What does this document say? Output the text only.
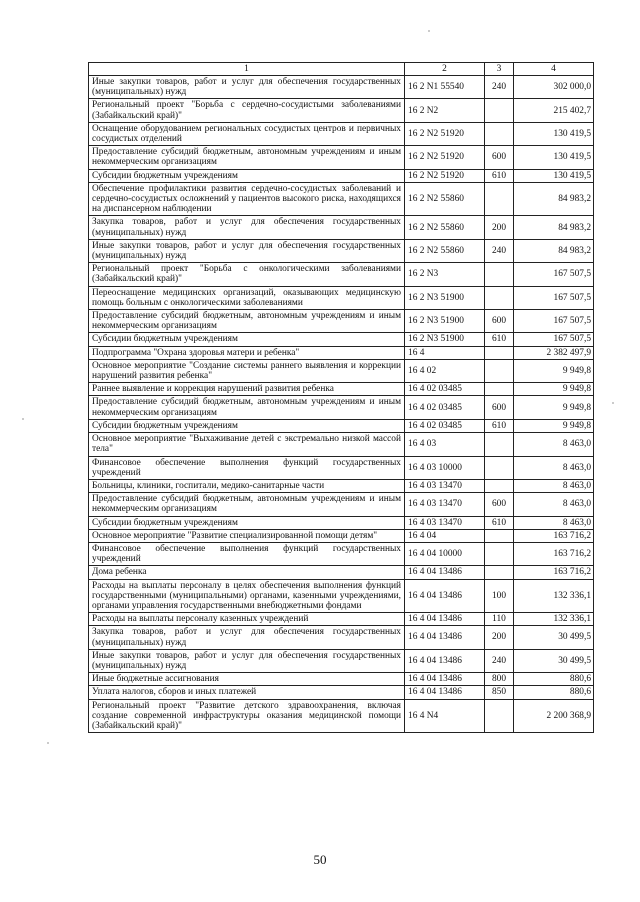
1	2	3	4
Иные закупки товаров, работ и услуг для обеспечения государственных (муниципальных) нужд	16 2 N1 55540	240	302 000,0
Региональный проект "Борьба с сердечно-сосудистыми заболеваниями (Забайкальский край)"	16 2 N2		215 402,7
Оснащение оборудованием региональных сосудистых центров и первичных сосудистых отделений	16 2 N2 51920		130 419,5
Предоставление субсидий бюджетным, автономным учреждениям и иным некоммерческим организациям	16 2 N2 51920	600	130 419,5
Субсидии бюджетным учреждениям	16 2 N2 51920	610	130 419,5
Обеспечение профилактики развития сердечно-сосудистых заболеваний и сердечно-сосудистых осложнений у пациентов высокого риска, находящихся на диспансерном наблюдении	16 2 N2 55860		84 983,2
Закупка товаров, работ и услуг для обеспечения государственных (муниципальных) нужд	16 2 N2 55860	200	84 983,2
Иные закупки товаров, работ и услуг для обеспечения государственных (муниципальных) нужд	16 2 N2 55860	240	84 983,2
Региональный проект "Борьба с онкологическими заболеваниями (Забайкальский край)"	16 2 N3		167 507,5
Переоснащение медицинских организаций, оказывающих медицинскую помощь больным с онкологическими заболеваниями	16 2 N3 51900		167 507,5
Предоставление субсидий бюджетным, автономным учреждениям и иным некоммерческим организациям	16 2 N3 51900	600	167 507,5
Субсидии бюджетным учреждениям	16 2 N3 51900	610	167 507,5
Подпрограмма "Охрана здоровья матери и ребенка"	16 4		2 382 497,9
Основное мероприятие "Создание системы раннего выявления и коррекции нарушений развития ребенка"	16 4 02		9 949,8
Раннее выявление и коррекция нарушений развития ребенка	16 4 02 03485		9 949,8
Предоставление субсидий бюджетным, автономным учреждениям и иным некоммерческим организациям	16 4 02 03485	600	9 949,8
Субсидии бюджетным учреждениям	16 4 02 03485	610	9 949,8
Основное мероприятие "Выхаживание детей с экстремально низкой массой тела"	16 4 03		8 463,0
Финансовое обеспечение выполнения функций государственных учреждений	16 4 03 10000		8 463,0
Больницы, клиники, госпитали, медико-санитарные части	16 4 03 13470		8 463,0
Предоставление субсидий бюджетным, автономным учреждениям и иным некоммерческим организациям	16 4 03 13470	600	8 463,0
Субсидии бюджетным учреждениям	16 4 03 13470	610	8 463,0
Основное мероприятие "Развитие специализированной помощи детям"	16 4 04		163 716,2
Финансовое обеспечение выполнения функций государственных учреждений	16 4 04 10000		163 716,2
Дома ребенка	16 4 04 13486		163 716,2
Расходы на выплаты персоналу в целях обеспечения выполнения функций государственными (муниципальными) органами, казенными учреждениями, органами управления государственными внебюджетными фондами	16 4 04 13486	100	132 336,1
Расходы на выплаты персоналу казенных учреждений	16 4 04 13486	110	132 336,1
Закупка товаров, работ и услуг для обеспечения государственных (муниципальных) нужд	16 4 04 13486	200	30 499,5
Иные закупки товаров, работ и услуг для обеспечения государственных (муниципальных) нужд	16 4 04 13486	240	30 499,5
Иные бюджетные ассигнования	16 4 04 13486	800	880,6
Уплата налогов, сборов и иных платежей	16 4 04 13486	850	880,6
Региональный проект "Развитие детского здравоохранения, включая создание современной инфраструктуры оказания медицинской помощи (Забайкальский край)"	16 4 N4		2 200 368,9
50
